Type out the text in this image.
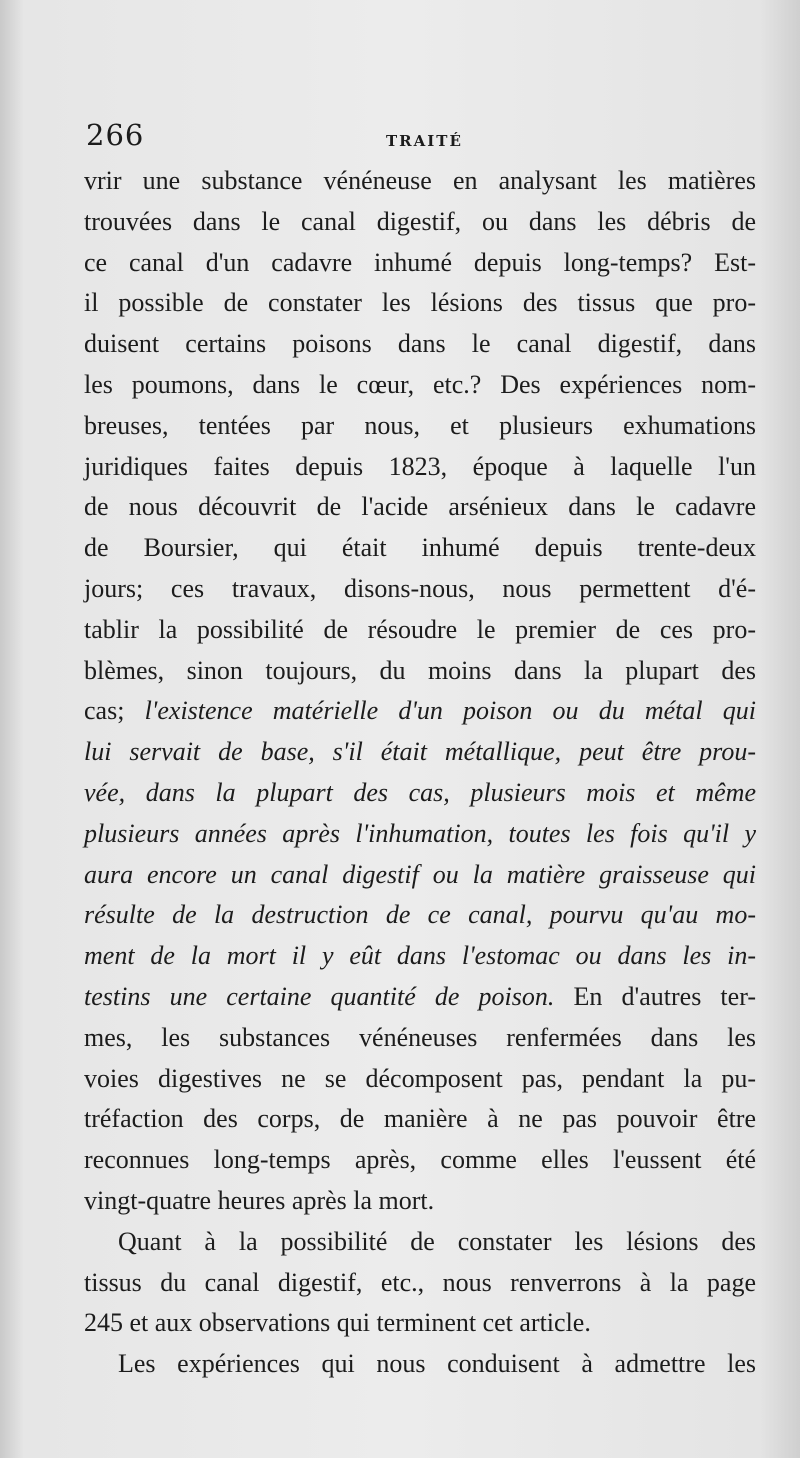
266	TRAITÉ
vrir une substance vénéneuse en analysant les matières
trouvées dans le canal digestif, ou dans les débris de
ce canal d'un cadavre inhumé depuis long-temps? Est-
il possible de constater les lésions des tissus que pro-
duisent certains poisons dans le canal digestif, dans
les poumons, dans le cœur, etc.? Des expériences nom-
breuses, tentées par nous, et plusieurs exhumations
juridiques faites depuis 1823, époque à laquelle l'un
de nous découvrit de l'acide arsénieux dans le cadavre
de Boursier, qui était inhumé depuis trente-deux
jours; ces travaux, disons-nous, nous permettent d'é-
tablir la possibilité de résoudre le premier de ces pro-
blèmes, sinon toujours, du moins dans la plupart des
cas; l'existence matérielle d'un poison ou du métal qui
lui servait de base, s'il était métallique, peut être prou-
vée, dans la plupart des cas, plusieurs mois et même
plusieurs années après l'inhumation, toutes les fois qu'il y
aura encore un canal digestif ou la matière graisseuse qui
résulte de la destruction de ce canal, pourvu qu'au mo-
ment de la mort il y eût dans l'estomac ou dans les in-
testins une certaine quantité de poison. En d'autres ter-
mes, les substances vénéneuses renfermées dans les
voies digestives ne se décomposent pas, pendant la pu-
tréfaction des corps, de manière à ne pas pouvoir être
reconnues long-temps après, comme elles l'eussent été
vingt-quatre heures après la mort.
Quant à la possibilité de constater les lésions des
tissus du canal digestif, etc., nous renverrons à la page
245 et aux observations qui terminent cet article.
Les expériences qui nous conduisent à admettre les
